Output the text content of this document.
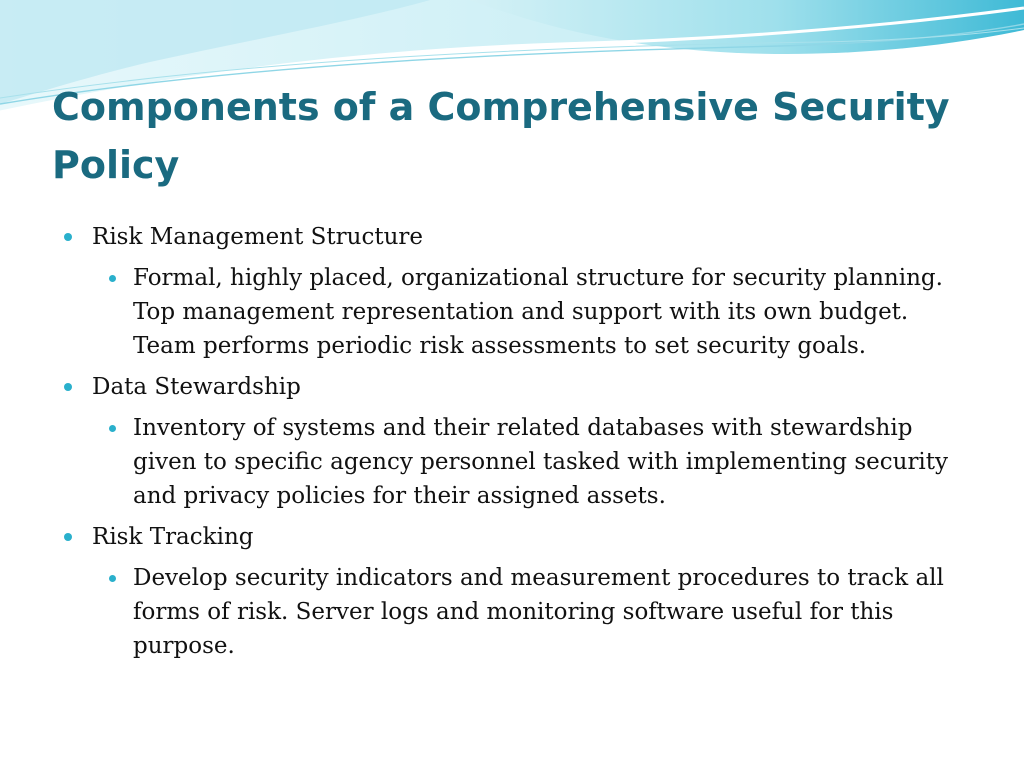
Components of a Comprehensive Security Policy
Risk Management Structure
Formal, highly placed, organizational structure for security planning. Top management representation and support with its own budget. Team performs periodic risk assessments to set security goals.
Data Stewardship
Inventory of systems and their related databases with stewardship given to specific agency personnel tasked with implementing security and privacy policies for their assigned assets.
Risk Tracking
Develop security indicators and measurement procedures to track all forms of risk. Server logs and monitoring software useful for this purpose.
